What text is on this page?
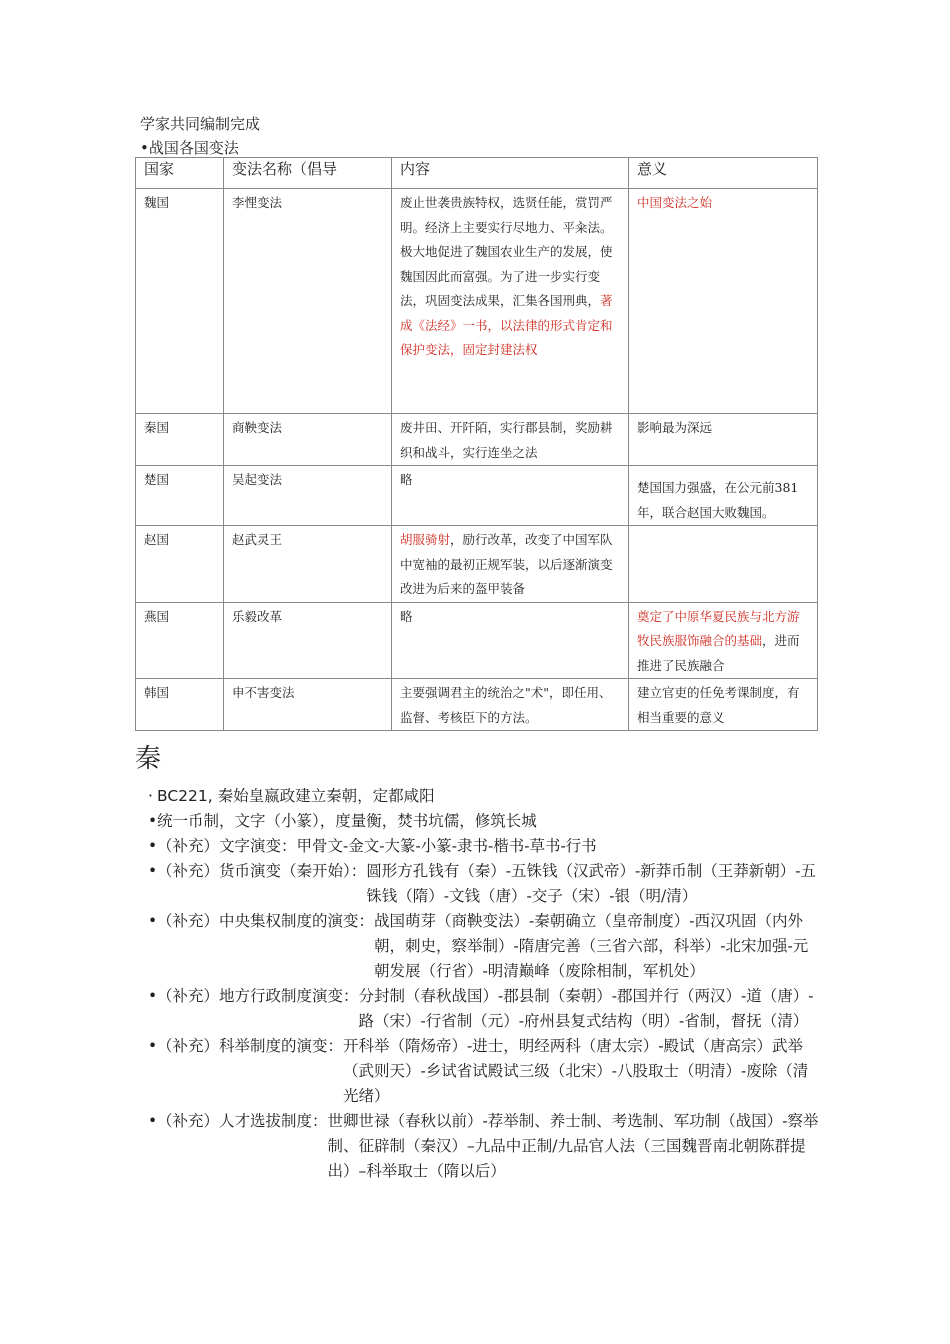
学家共同编制完成
•战国各国变法
国家	变法名称（倡导	内容	意义
魏国	李悝变法	废止世袭贵族特权，选贤任能，赏罚严明。经济上主要实行尽地力、平籴法。极大地促进了魏国农业生产的发展，使魏国因此而富强。为了进一步实行变法，巩固变法成果，汇集各国刑典，著成《法经》一书，以法律的形式肯定和保护变法，固定封建法权	中国变法之始
秦国	商鞅变法	废井田、开阡陌，实行郡县制，奖励耕织和战斗，实行连坐之法	影响最为深远
楚国	吴起变法	略	楚国国力强盛，在公元前381年，联合赵国大败魏国。
赵国	赵武灵王	胡服骑射，励行改革，改变了中国军队中宽袖的最初正规军装，以后逐渐演变改进为后来的盔甲装备	
燕国	乐毅改革	略	奠定了中原华夏民族与北方游牧民族服饰融合的基础，进而推进了民族融合
韩国	申不害变法	主要强调君主的统治之"术"，即任用、监督、考核臣下的方法。	建立官吏的任免考课制度，有相当重要的意义
秦
· BC221, 秦始皇嬴政建立秦朝，定都咸阳
• 统一币制，文字（小篆），度量衡，焚书坑儒，修筑长城
• （补充）文字演变： 甲骨文-金文-大篆-小篆-隶书-楷书-草书-行书
• （补充）货币演变（秦开始）： 圆形方孔钱有（秦）-五铢钱（汉武帝）-新莽币制（王莽新朝）-五铢钱（隋）-文钱（唐）-交子（宋）-银（明/清）
• （补充）中央集权制度的演变： 战国萌芽（商鞅变法）-秦朝确立（皇帝制度）-西汉巩固（内外朝，刺史，察举制）-隋唐完善（三省六部，科举）-北宋加强-元朝发展（行省）-明清巅峰（废除相制，军机处）
• （补充）地方行政制度演变： 分封制（春秋战国）-郡县制（秦朝）-郡国并行（两汉）-道（唐）-路（宋）-行省制（元）-府州县复式结构（明）-省制，督抚（清）
• （补充）科举制度的演变： 开科举（隋炀帝）-进士，明经两科（唐太宗）-殿试（唐高宗）武举（武则天）-乡试省试殿试三级（北宋）-八股取士（明清）-废除（清光绪）
• （补充）人才选拔制度： 世卿世禄（春秋以前）-荐举制、养士制、考选制、军功制（战国）-察举制、征辟制（秦汉）–九品中正制/九品官人法（三国魏晋南北朝陈群提出）–科举取士（隋以后）
